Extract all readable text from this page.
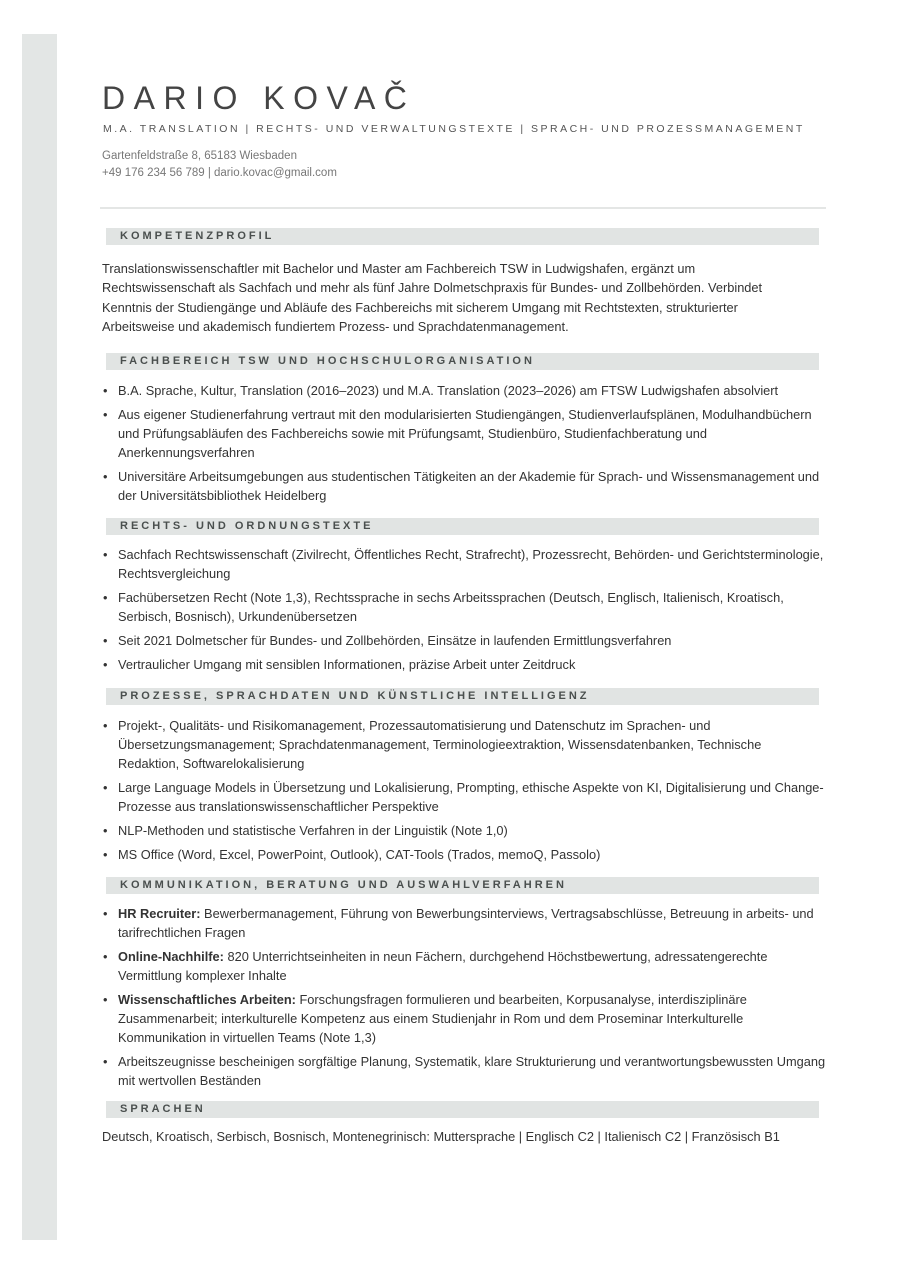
DARIO KOVAČ

M.A. TRANSLATION | RECHTS- UND VERWALTUNGSTEXTE | SPRACH- UND PROZESSMANAGEMENT

Gartenfeldstraße 8, 65183 Wiesbaden
+49 176 234 56 789 | dario.kovac@gmail.com
KOMPETENZPROFIL

Translationswissenschaftler mit Bachelor und Master am Fachbereich TSW in Ludwigshafen, ergänzt um Rechtswissenschaft als Sachfach und mehr als fünf Jahre Dolmetschpraxis für Bundes- und Zollbehörden. Verbindet Kenntnis der Studiengänge und Abläufe des Fachbereichs mit sicherem Umgang mit Rechtstexten, strukturierter Arbeitsweise und akademisch fundiertem Prozess- und Sprachdatenmanagement.

FACHBEREICH TSW UND HOCHSCHULORGANISATION
• B.A. Sprache, Kultur, Translation (2016–2023) und M.A. Translation (2023–2026) am FTSW Ludwigshafen absolviert
• Aus eigener Studienerfahrung vertraut mit den modularisierten Studiengängen, Studienverlaufsplänen, Modulhandbüchern und Prüfungsabläufen des Fachbereichs sowie mit Prüfungsamt, Studienbüro, Studienfachberatung und Anerkennungsverfahren
• Universitäre Arbeitsumgebungen aus studentischen Tätigkeiten an der Akademie für Sprach- und Wissensmanagement und der Universitätsbibliothek Heidelberg
RECHTS- UND ORDNUNGSTEXTE
• Sachfach Rechtswissenschaft (Zivilrecht, Öffentliches Recht, Strafrecht), Prozessrecht, Behörden- und Gerichtsterminologie, Rechtsvergleichung
• Fachübersetzen Recht (Note 1,3), Rechtssprache in sechs Arbeitssprachen (Deutsch, Englisch, Italienisch, Kroatisch, Serbisch, Bosnisch), Urkundenübersetzen
• Seit 2021 Dolmetscher für Bundes- und Zollbehörden, Einsätze in laufenden Ermittlungsverfahren
• Vertraulicher Umgang mit sensiblen Informationen, präzise Arbeit unter Zeitdruck
PROZESSE, SPRACHDATEN UND KÜNSTLICHE INTELLIGENZ
• Projekt-, Qualitäts- und Risikomanagement, Prozessautomatisierung und Datenschutz im Sprachen- und Übersetzungsmanagement; Sprachdatenmanagement, Terminologieextraktion, Wissensdatenbanken, Technische Redaktion, Softwarelokalisierung
• Large Language Models in Übersetzung und Lokalisierung, Prompting, ethische Aspekte von KI, Digitalisierung und Change-Prozesse aus translationswissenschaftlicher Perspektive
• NLP-Methoden und statistische Verfahren in der Linguistik (Note 1,0)
• MS Office (Word, Excel, PowerPoint, Outlook), CAT-Tools (Trados, memoQ, Passolo)
KOMMUNIKATION, BERATUNG UND AUSWAHLVERFAHREN
• HR Recruiter: Bewerbermanagement, Führung von Bewerbungsinterviews, Vertragsabschlüsse, Betreuung in arbeits- und tarifrechtlichen Fragen
• Online-Nachhilfe: 820 Unterrichtseinheiten in neun Fächern, durchgehend Höchstbewertung, adressatengerechte Vermittlung komplexer Inhalte
• Wissenschaftliches Arbeiten: Forschungsfragen formulieren und bearbeiten, Korpusanalyse, interdisziplinäre Zusammenarbeit; interkulturelle Kompetenz aus einem Studienjahr in Rom und dem Proseminar Interkulturelle Kommunikation in virtuellen Teams (Note 1,3)
• Arbeitszeugnisse bescheinigen sorgfältige Planung, Systematik, klare Strukturierung und verantwortungsbewussten Umgang mit wertvollen Beständen
SPRACHEN

Deutsch, Kroatisch, Serbisch, Bosnisch, Montenegrinisch: Muttersprache | Englisch C2 | Italienisch C2 | Französisch B1
